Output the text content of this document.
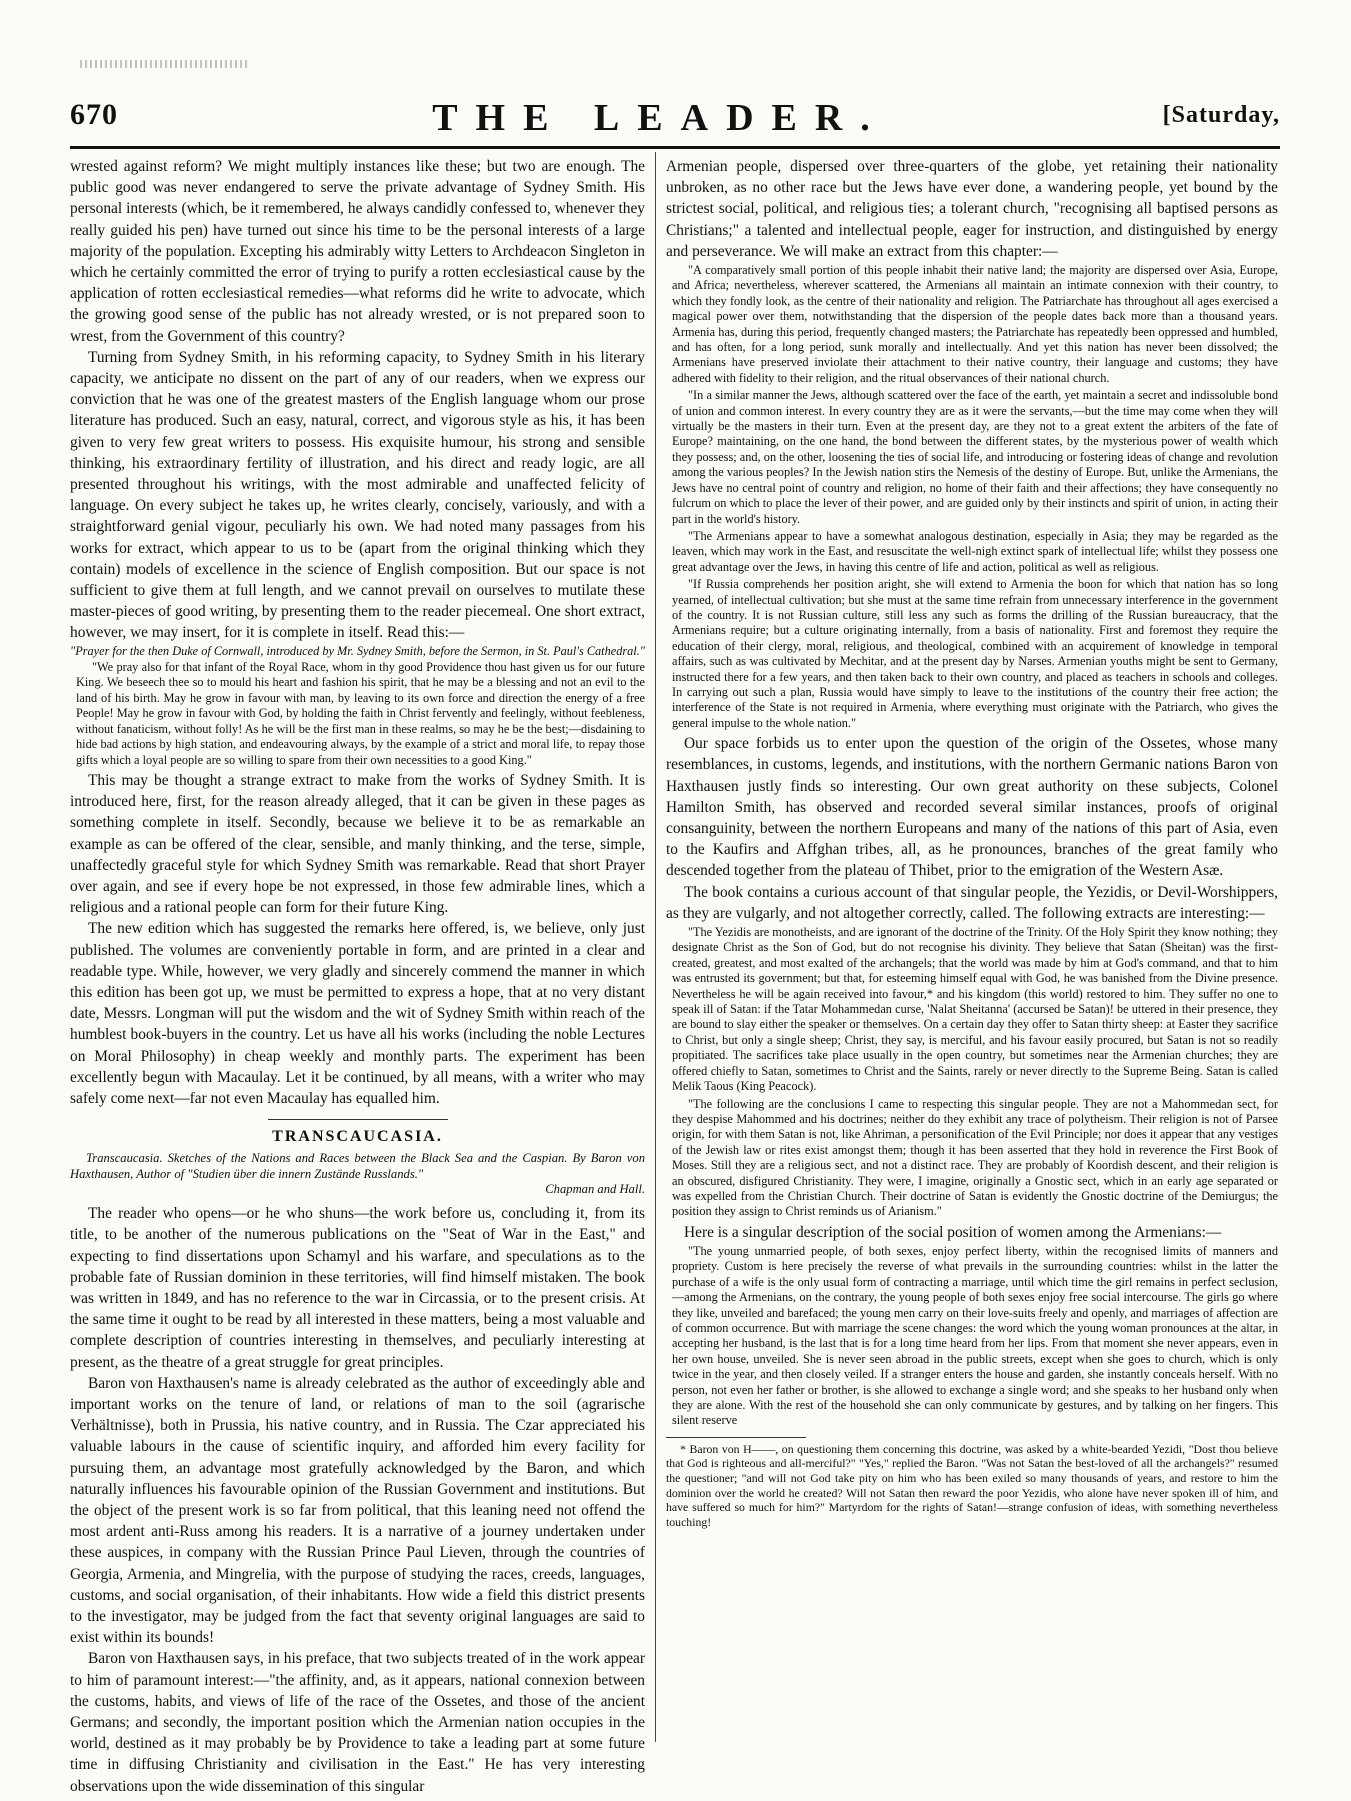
670	THE LEADER.	[Saturday,

wrested against reform? We might multiply instances like these; but two are enough. The public good was never endangered to serve the private advantage of Sydney Smith. His personal interests (which, be it remembered, he always candidly confessed to, whenever they really guided his pen) have turned out since his time to be the personal interests of a large majority of the population. Excepting his admirably witty Letters to Archdeacon Singleton in which he certainly committed the error of trying to purify a rotten ecclesiastical cause by the application of rotten ecclesiastical remedies—what reforms did he write to advocate, which the growing good sense of the public has not already wrested, or is not prepared soon to wrest, from the Government of this country?

Turning from Sydney Smith, in his reforming capacity, to Sydney Smith in his literary capacity, we anticipate no dissent on the part of any of our readers, when we express our conviction that he was one of the greatest masters of the English language whom our prose literature has produced. Such an easy, natural, correct, and vigorous style as his, it has been given to very few great writers to possess. His exquisite humour, his strong and sensible thinking, his extraordinary fertility of illustration, and his direct and ready logic, are all presented throughout his writings, with the most admirable and unaffected felicity of language. On every subject he takes up, he writes clearly, concisely, variously, and with a straightforward genial vigour, peculiarly his own. We had noted many passages from his works for extract, which appear to us to be (apart from the original thinking which they contain) models of excellence in the science of English composition. But our space is not sufficient to give them at full length, and we cannot prevail on ourselves to mutilate these master-pieces of good writing, by presenting them to the reader piecemeal. One short extract, however, we may insert, for it is complete in itself. Read this:—

"Prayer for the then Duke of Cornwall, introduced by Mr. Sydney Smith, before the Sermon, in St. Paul's Cathedral."

"We pray also for that infant of the Royal Race, whom in thy good Providence thou hast given us for our future King. We beseech thee so to mould his heart and fashion his spirit, that he may be a blessing and not an evil to the land of his birth. May he grow in favour with man, by leaving to its own force and direction the energy of a free People! May he grow in favour with God, by holding the faith in Christ fervently and feelingly, without feebleness, without fanaticism, without folly! As he will be the first man in these realms, so may he be the best;—disdaining to hide bad actions by high station, and endeavouring always, by the example of a strict and moral life, to repay those gifts which a loyal people are so willing to spare from their own necessities to a good King."

This may be thought a strange extract to make from the works of Sydney Smith. It is introduced here, first, for the reason already alleged, that it can be given in these pages as something complete in itself. Secondly, because we believe it to be as remarkable an example as can be offered of the clear, sensible, and manly thinking, and the terse, simple, unaffectedly graceful style for which Sydney Smith was remarkable. Read that short Prayer over again, and see if every hope be not expressed, in those few admirable lines, which a religious and a rational people can form for their future King.

The new edition which has suggested the remarks here offered, is, we believe, only just published. The volumes are conveniently portable in form, and are printed in a clear and readable type. While, however, we very gladly and sincerely commend the manner in which this edition has been got up, we must be permitted to express a hope, that at no very distant date, Messrs. Longman will put the wisdom and the wit of Sydney Smith within reach of the humblest book-buyers in the country. Let us have all his works (including the noble Lectures on Moral Philosophy) in cheap weekly and monthly parts. The experiment has been excellently begun with Macaulay. Let it be continued, by all means, with a writer who may safely come next—far not even Macaulay has equalled him.

TRANSCAUCASIA.

Transcaucasia. Sketches of the Nations and Races between the Black Sea and the Caspian. By Baron von Haxthausen, Author of "Studien über die innern Zustände Russlands."

Chapman and Hall.

The reader who opens—or he who shuns—the work before us, concluding it, from its title, to be another of the numerous publications on the "Seat of War in the East," and expecting to find dissertations upon Schamyl and his warfare, and speculations as to the probable fate of Russian dominion in these territories, will find himself mistaken. The book was written in 1849, and has no reference to the war in Circassia, or to the present crisis. At the same time it ought to be read by all interested in these matters, being a most valuable and complete description of countries interesting in themselves, and peculiarly interesting at present, as the theatre of a great struggle for great principles.

Baron von Haxthausen's name is already celebrated as the author of exceedingly able and important works on the tenure of land, or relations of man to the soil (agrarische Verhältnisse), both in Prussia, his native country, and in Russia. The Czar appreciated his valuable labours in the cause of scientific inquiry, and afforded him every facility for pursuing them, an advantage most gratefully acknowledged by the Baron, and which naturally influences his favourable opinion of the Russian Government and institutions. But the object of the present work is so far from political, that this leaning need not offend the most ardent anti-Russ among his readers. It is a narrative of a journey undertaken under these auspices, in company with the Russian Prince Paul Lieven, through the countries of Georgia, Armenia, and Mingrelia, with the purpose of studying the races, creeds, languages, customs, and social organisation, of their inhabitants. How wide a field this district presents to the investigator, may be judged from the fact that seventy original languages are said to exist within its bounds!

Baron von Haxthausen says, in his preface, that two subjects treated of in the work appear to him of paramount interest:—"the affinity, and, as it appears, national connexion between the customs, habits, and views of life of the race of the Ossetes, and those of the ancient Germans; and secondly, the important position which the Armenian nation occupies in the world, destined as it may probably be by Providence to take a leading part at some future time in diffusing Christianity and civilisation in the East." He has very interesting observations upon the wide dissemination of this singular

Armenian people, dispersed over three-quarters of the globe, yet retaining their nationality unbroken, as no other race but the Jews have ever done, a wandering people, yet bound by the strictest social, political, and religious ties; a tolerant church, "recognising all baptised persons as Christians;" a talented and intellectual people, eager for instruction, and distinguished by energy and perseverance. We will make an extract from this chapter:—

"A comparatively small portion of this people inhabit their native land; the majority are dispersed over Asia, Europe, and Africa; nevertheless, wherever scattered, the Armenians all maintain an intimate connexion with their country, to which they fondly look, as the centre of their nationality and religion. The Patriarchate has throughout all ages exercised a magical power over them, notwithstanding that the dispersion of the people dates back more than a thousand years. Armenia has, during this period, frequently changed masters; the Patriarchate has repeatedly been oppressed and humbled, and has often, for a long period, sunk morally and intellectually. And yet this nation has never been dissolved; the Armenians have preserved inviolate their attachment to their native country, their language and customs; they have adhered with fidelity to their religion, and the ritual observances of their national church.

"In a similar manner the Jews, although scattered over the face of the earth, yet maintain a secret and indissoluble bond of union and common interest. In every country they are as it were the servants,—but the time may come when they will virtually be the masters in their turn. Even at the present day, are they not to a great extent the arbiters of the fate of Europe? maintaining, on the one hand, the bond between the different states, by the mysterious power of wealth which they possess; and, on the other, loosening the ties of social life, and introducing or fostering ideas of change and revolution among the various peoples? In the Jewish nation stirs the Nemesis of the destiny of Europe. But, unlike the Armenians, the Jews have no central point of country and religion, no home of their faith and their affections; they have consequently no fulcrum on which to place the lever of their power, and are guided only by their instincts and spirit of union, in acting their part in the world's history.

"The Armenians appear to have a somewhat analogous destination, especially in Asia; they may be regarded as the leaven, which may work in the East, and resuscitate the well-nigh extinct spark of intellectual life; whilst they possess one great advantage over the Jews, in having this centre of life and action, political as well as religious.

"If Russia comprehends her position aright, she will extend to Armenia the boon for which that nation has so long yearned, of intellectual cultivation; but she must at the same time refrain from unnecessary interference in the government of the country. It is not Russian culture, still less any such as forms the drilling of the Russian bureaucracy, that the Armenians require; but a culture originating internally, from a basis of nationality. First and foremost they require the education of their clergy, moral, religious, and theological, combined with an acquirement of knowledge in temporal affairs, such as was cultivated by Mechitar, and at the present day by Narses. Armenian youths might be sent to Germany, instructed there for a few years, and then taken back to their own country, and placed as teachers in schools and colleges. In carrying out such a plan, Russia would have simply to leave to the institutions of the country their free action; the interference of the State is not required in Armenia, where everything must originate with the Patriarch, who gives the general impulse to the whole nation."

Our space forbids us to enter upon the question of the origin of the Ossetes, whose many resemblances, in customs, legends, and institutions, with the northern Germanic nations Baron von Haxthausen justly finds so interesting. Our own great authority on these subjects, Colonel Hamilton Smith, has observed and recorded several similar instances, proofs of original consanguinity, between the northern Europeans and many of the nations of this part of Asia, even to the Kaufirs and Affghan tribes, all, as he pronounces, branches of the great family who descended together from the plateau of Thibet, prior to the emigration of the Western Asæ.

The book contains a curious account of that singular people, the Yezidis, or Devil-Worshippers, as they are vulgarly, and not altogether correctly, called. The following extracts are interesting:—

"The Yezidis are monotheists, and are ignorant of the doctrine of the Trinity. Of the Holy Spirit they know nothing; they designate Christ as the Son of God, but do not recognise his divinity. They believe that Satan (Sheitan) was the first-created, greatest, and most exalted of the archangels; that the world was made by him at God's command, and that to him was entrusted its government; but that, for esteeming himself equal with God, he was banished from the Divine presence. Nevertheless he will be again received into favour,* and his kingdom (this world) restored to him. They suffer no one to speak ill of Satan: if the Tatar Mohammedan curse, 'Nalat Sheitanna' (accursed be Satan)! be uttered in their presence, they are bound to slay either the speaker or themselves. On a certain day they offer to Satan thirty sheep: at Easter they sacrifice to Christ, but only a single sheep; Christ, they say, is merciful, and his favour easily procured, but Satan is not so readily propitiated. The sacrifices take place usually in the open country, but sometimes near the Armenian churches; they are offered chiefly to Satan, sometimes to Christ and the Saints, rarely or never directly to the Supreme Being. Satan is called Melik Taous (King Peacock).

"The following are the conclusions I came to respecting this singular people. They are not a Mahommedan sect, for they despise Mahommed and his doctrines; neither do they exhibit any trace of polytheism. Their religion is not of Parsee origin, for with them Satan is not, like Ahriman, a personification of the Evil Principle; nor does it appear that any vestiges of the Jewish law or rites exist amongst them; though it has been asserted that they hold in reverence the First Book of Moses. Still they are a religious sect, and not a distinct race. They are probably of Koordish descent, and their religion is an obscured, disfigured Christianity. They were, I imagine, originally a Gnostic sect, which in an early age separated or was expelled from the Christian Church. Their doctrine of Satan is evidently the Gnostic doctrine of the Demiurgus; the position they assign to Christ reminds us of Arianism."

Here is a singular description of the social position of women among the Armenians:—

"The young unmarried people, of both sexes, enjoy perfect liberty, within the recognised limits of manners and propriety. Custom is here precisely the reverse of what prevails in the surrounding countries: whilst in the latter the purchase of a wife is the only usual form of contracting a marriage, until which time the girl remains in perfect seclusion,—among the Armenians, on the contrary, the young people of both sexes enjoy free social intercourse. The girls go where they like, unveiled and barefaced; the young men carry on their love-suits freely and openly, and marriages of affection are of common occurrence. But with marriage the scene changes: the word which the young woman pronounces at the altar, in accepting her husband, is the last that is for a long time heard from her lips. From that moment she never appears, even in her own house, unveiled. She is never seen abroad in the public streets, except when she goes to church, which is only twice in the year, and then closely veiled. If a stranger enters the house and garden, she instantly conceals herself. With no person, not even her father or brother, is she allowed to exchange a single word; and she speaks to her husband only when they are alone. With the rest of the household she can only communicate by gestures, and by talking on her fingers. This silent reserve

* Baron von H——, on questioning them concerning this doctrine, was asked by a white-bearded Yezidi, "Dost thou believe that God is righteous and all-merciful?" "Yes," replied the Baron. "Was not Satan the best-loved of all the archangels?" resumed the questioner; "and will not God take pity on him who has been exiled so many thousands of years, and restore to him the dominion over the world he created? Will not Satan then reward the poor Yezidis, who alone have never spoken ill of him, and have suffered so much for him?" Martyrdom for the rights of Satan!—strange confusion of ideas, with something nevertheless touching!
